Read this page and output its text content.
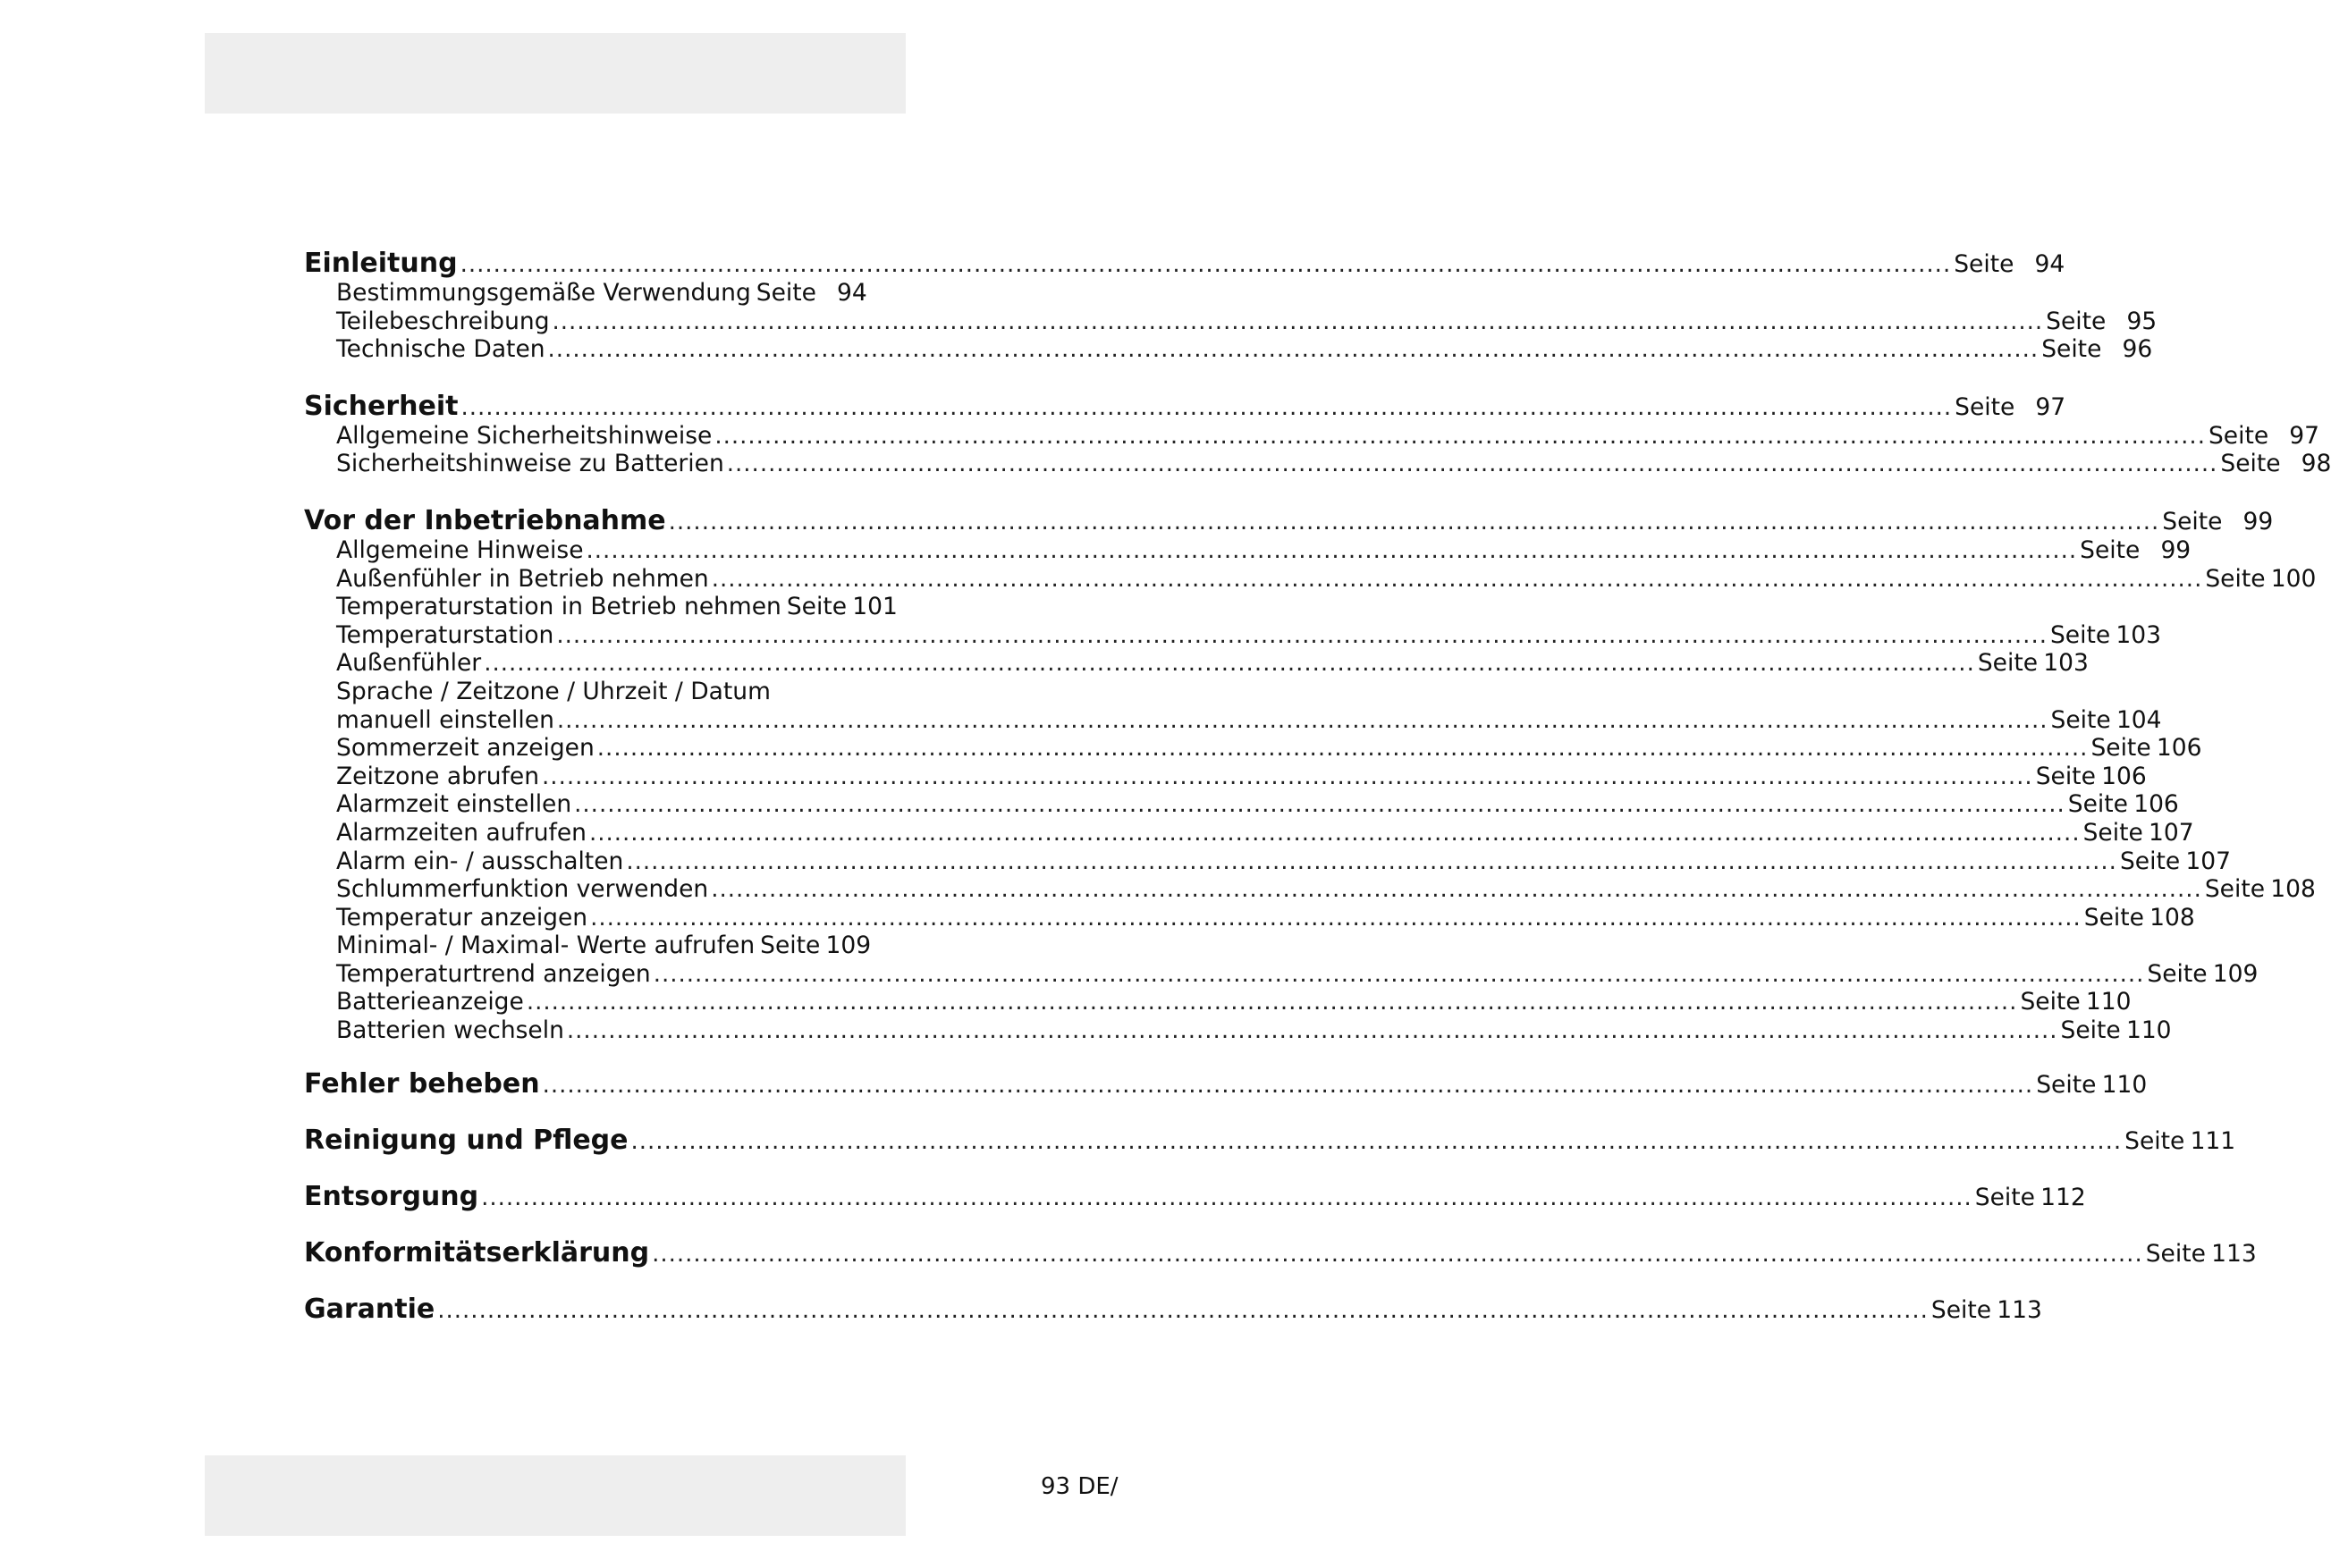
Einleitung .....	Seite 94
Bestimmungsgemäße Verwendung Seite 94
Teilebeschreibung .....	Seite 95
Technische Daten .....	Seite 96
Sicherheit .....	Seite 97
Allgemeine Sicherheitshinweise .....	Seite 97
Sicherheitshinweise zu Batterien .....	Seite 98
Vor der Inbetriebnahme .....	Seite 99
Allgemeine Hinweise .....	Seite 99
Außenfühler in Betrieb nehmen .....	Seite 100
Temperaturstation in Betrieb nehmen Seite 101
Temperaturstation .....	Seite 103
Außenfühler .....	Seite 103
Sprache / Zeitzone / Uhrzeit / Datum
manuell einstellen .....	Seite 104
Sommerzeit anzeigen .....	Seite 106
Zeitzone abrufen .....	Seite 106
Alarmzeit einstellen .....	Seite 106
Alarmzeiten aufrufen .....	Seite 107
Alarm ein- / ausschalten .....	Seite 107
Schlummerfunktion verwenden .....	Seite 108
Temperatur anzeigen .....	Seite 108
Minimal- / Maximal- Werte aufrufen Seite 109
Temperaturtrend anzeigen .....	Seite 109
Batterieanzeige .....	Seite 110
Batterien wechseln .....	Seite 110
Fehler beheben .....	Seite 110
Reinigung und Pflege .....	Seite 111
Entsorgung .....	Seite 112
Konformitätserklärung .....	Seite 113
Garantie .....	Seite 113
93 DE/
